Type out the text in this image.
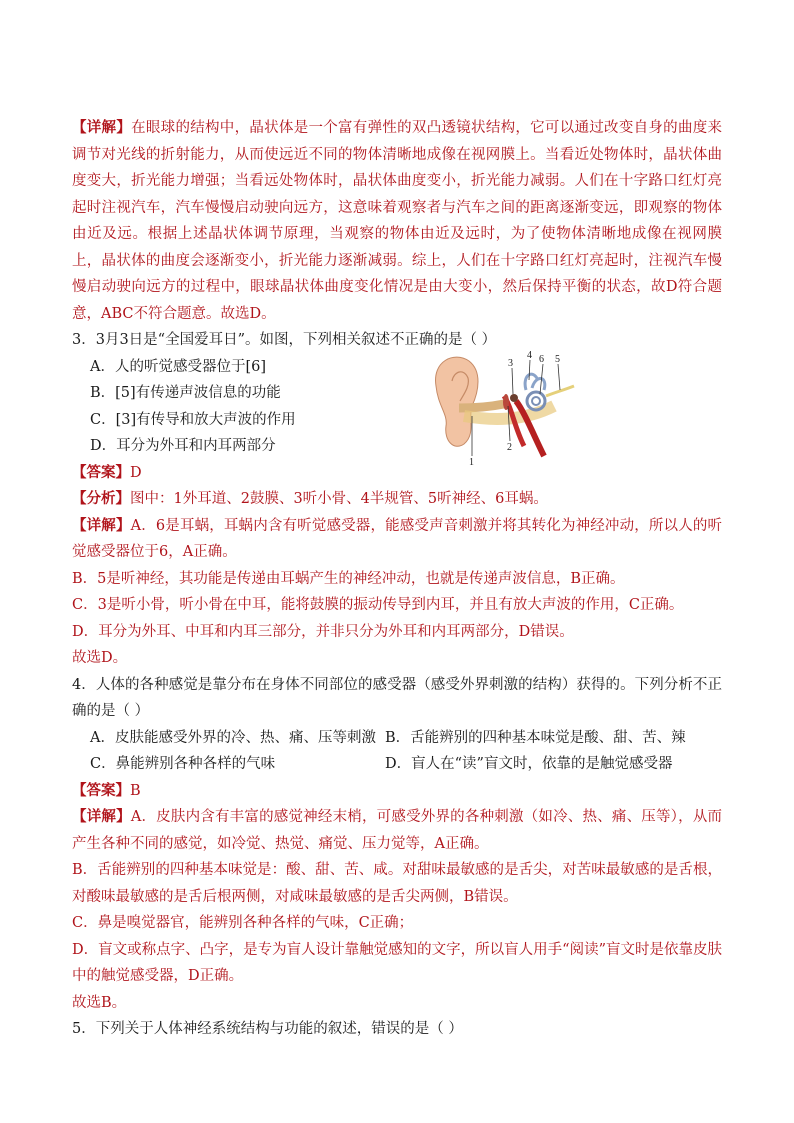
【详解】在眼球的结构中，晶状体是一个富有弹性的双凸透镜状结构，它可以通过改变自身的曲度来调节对光线的折射能力，从而使远近不同的物体清晰地成像在视网膜上。当看近处物体时，晶状体曲度变大，折光能力增强；当看远处物体时，晶状体曲度变小，折光能力减弱。人们在十字路口红灯亮起时注视汽车，汽车慢慢启动驶向远方，这意味着观察者与汽车之间的距离逐渐变远，即观察的物体由近及远。根据上述晶状体调节原理，当观察的物体由近及远时，为了使物体清晰地成像在视网膜上，晶状体的曲度会逐渐变小，折光能力逐渐减弱。综上，人们在十字路口红灯亮起时，注视汽车慢慢启动驶向远方的过程中，眼球晶状体曲度变化情况是由大变小，然后保持平衡的状态，故D符合题意，ABC不符合题意。故选D。

3．3月3日是“全国爱耳日”。如图，下列相关叙述不正确的是（ ）

A．人的听觉感受器位于[6]

B．[5]有传递声波信息的功能

C．[3]有传导和放大声波的作用

D．耳分为外耳和内耳两部分

1
2
3
4 6 5

【答案】D

【分析】图中：1外耳道、2鼓膜、3听小骨、4半规管、5听神经、6耳蜗。

【详解】A．6是耳蜗，耳蜗内含有听觉感受器，能感受声音刺激并将其转化为神经冲动，所以人的听觉感受器位于6，A正确。

B．5是听神经，其功能是传递由耳蜗产生的神经冲动，也就是传递声波信息，B正确。

C．3是听小骨，听小骨在中耳，能将鼓膜的振动传导到内耳，并且有放大声波的作用，C正确。

D．耳分为外耳、中耳和内耳三部分，并非只分为外耳和内耳两部分，D错误。

故选D。

4．人体的各种感觉是靠分布在身体不同部位的感受器（感受外界刺激的结构）获得的。下列分析不正确的是（ ）

A．皮肤能感受外界的冷、热、痛、压等刺激 B．舌能辨别的四种基本味觉是酸、甜、苦、辣
C．鼻能辨别各种各样的气味	D．盲人在“读”盲文时，依靠的是触觉感受器

【答案】B

【详解】A．皮肤内含有丰富的感觉神经末梢，可感受外界的各种刺激（如冷、热、痛、压等），从而产生各种不同的感觉，如冷觉、热觉、痛觉、压力觉等，A正确。

B．舌能辨别的四种基本味觉是：酸、甜、苦、咸。对甜味最敏感的是舌尖，对苦味最敏感的是舌根，对酸味最敏感的是舌后根两侧，对咸味最敏感的是舌尖两侧，B错误。

C．鼻是嗅觉器官，能辨别各种各样的气味，C正确；

D．盲文或称点字、凸字，是专为盲人设计靠触觉感知的文字，所以盲人用手“阅读”盲文时是依靠皮肤中的触觉感受器，D正确。

故选B。

5．下列关于人体神经系统结构与功能的叙述，错误的是（ ）
